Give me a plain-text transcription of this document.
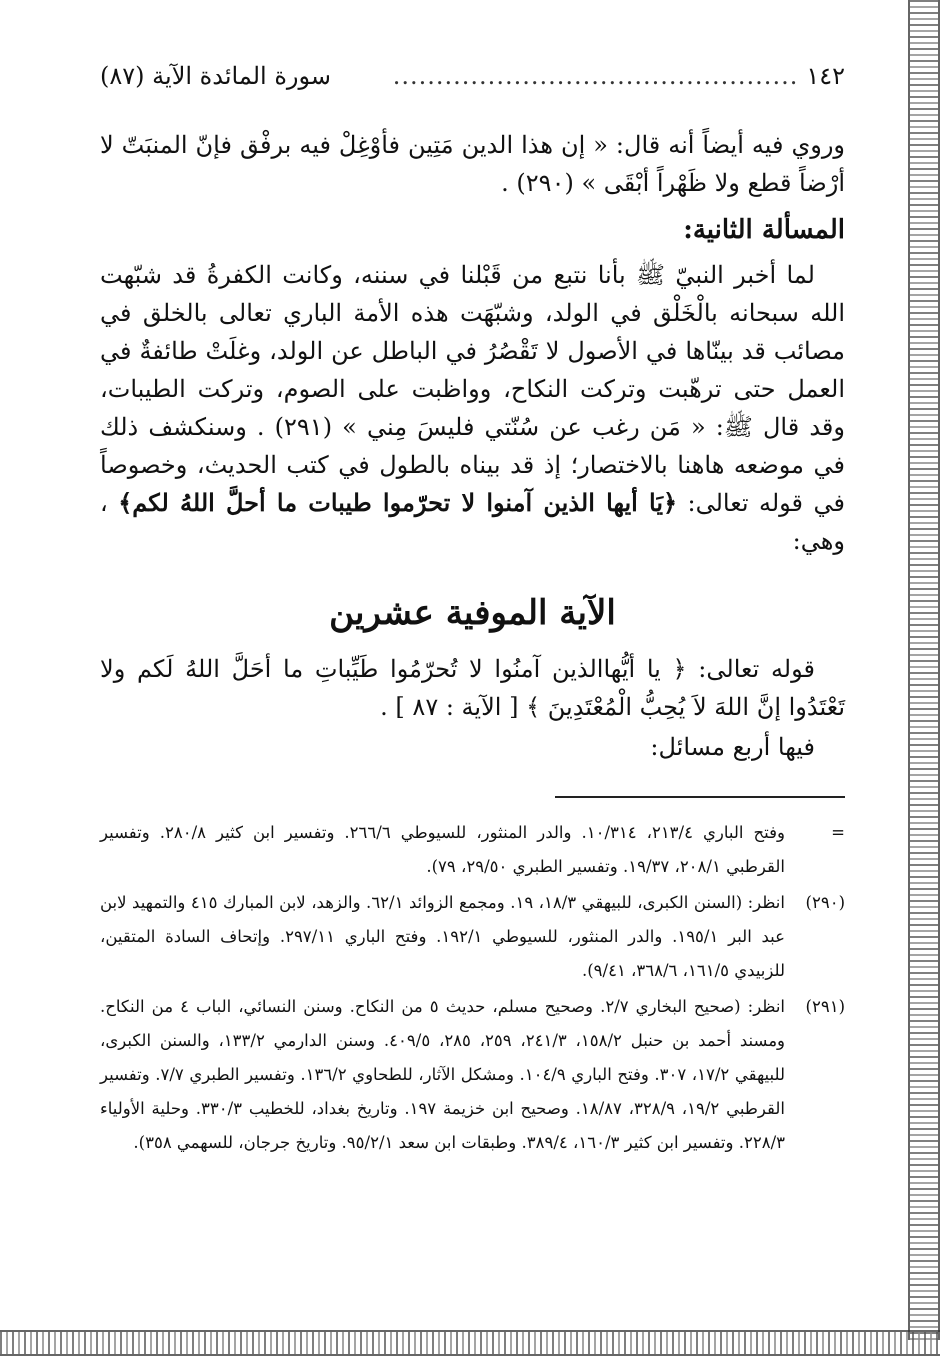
١٤٢
...............................................
سورة المائدة الآية (٨٧)

وروي فيه أيضاً أنه قال: « إن هذا الدين مَتِين فأوْغِلْ فيه برفْق فإنّ المنبَتّ لا أرْضاً قطع ولا ظَهْراً أبْقَى » (٢٩٠) .

المسألة الثانية:

لما أخبر النبيّ ﷺ بأنا نتبع من قَبْلنا في سننه، وكانت الكفرةُ قد شبّهت الله سبحانه بالْخَلْق في الولد، وشبّهَت هذه الأمة الباري تعالى بالخلق في مصائب قد بينّاها في الأصول لا تَقْصُرُ في الباطل عن الولد، وغلَتْ طائفةٌ في العمل حتى ترهّبت وتركت النكاح، وواظبت على الصوم، وتركت الطيبات، وقد قال ﷺ: « مَن رغب عن سُنّتي فليسَ مِني » (٢٩١) . وسنكشف ذلك في موضعه هاهنا بالاختصار؛ إذ قد بيناه بالطول في كتب الحديث، وخصوصاً في قوله تعالى: ﴿يَا أيها الذين آمنوا لا تحرّموا طيبات ما أحلَّ اللهُ لكم﴾ ، وهي:

الآية الموفية عشرين

قوله تعالى: ﴿ يا أيُّهاالذين آمنُوا لا تُحرّمُوا طَيِّباتِ ما أحَلَّ اللهُ لَكم ولا تَعْتَدُوا إنَّ اللهَ لاَ يُحِبُّ الْمُعْتَدِينَ ﴾ [ الآية : ٨٧ ] .

فيها أربع مسائل:

=
وفتح الباري ٢١٣/٤، ١٠/٣١٤. والدر المنثور، للسيوطي ٢٦٦/٦. وتفسير ابن كثير ٢٨٠/٨. وتفسير القرطبي ٢٠٨/١، ١٩/٣٧. وتفسير الطبري ٢٩/٥٠، ٧٩).
(٢٩٠)
انظر: (السنن الكبرى، للبيهقي ١٨/٣، ١٩. ومجمع الزوائد ٦٢/١. والزهد، لابن المبارك ٤١٥ والتمهيد لابن عبد البر ١٩٥/١. والدر المنثور، للسيوطي ١٩٢/١. وفتح الباري ٢٩٧/١١. وإتحاف السادة المتقين، للزبيدي ١٦١/٥، ٣٦٨/٦، ٩/٤١).
(٢٩١)
انظر: (صحيح البخاري ٢/٧. وصحيح مسلم، حديث ٥ من النكاح. وسنن النسائي، الباب ٤ من النكاح. ومسند أحمد بن حنبل ١٥٨/٢، ٢٤١/٣، ٢٥٩، ٢٨٥، ٤٠٩/٥. وسنن الدارمي ١٣٣/٢، والسنن الكبرى، للبيهقي ١٧/٢، ٣٠٧. وفتح الباري ١٠٤/٩. ومشكل الآثار، للطحاوي ١٣٦/٢. وتفسير الطبري ٧/٧. وتفسير القرطبي ١٩/٢، ٣٢٨/٩، ١٨/٨٧. وصحيح ابن خزيمة ١٩٧. وتاريخ بغداد، للخطيب ٣٣٠/٣. وحلية الأولياء ٢٢٨/٣. وتفسير ابن كثير ١٦٠/٣، ٣٨٩/٤. وطبقات ابن سعد ٩٥/٢/١. وتاريخ جرجان، للسهمي ٣٥٨).
